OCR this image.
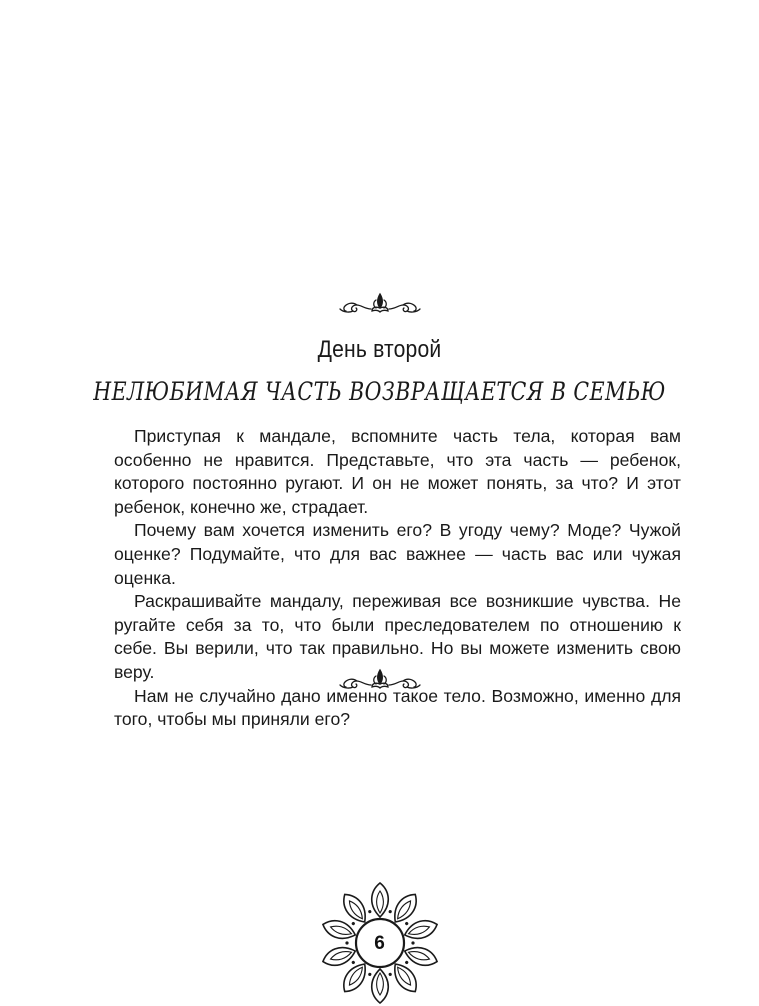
День второй
НЕЛЮБИМАЯ ЧАСТЬ ВОЗВРАЩАЕТСЯ В СЕМЬЮ

Приступая к мандале, вспомните часть тела, которая вам особенно не нравится. Представьте, что эта часть — ребенок, которого постоянно ругают. И он не может понять, за что? И этот ребенок, конечно же, страдает.

Почему вам хочется изменить его? В угоду чему? Моде? Чужой оценке? Подумайте, что для вас важнее — часть вас или чужая оценка.

Раскрашивайте мандалу, переживая все возникшие чувства. Не ругайте себя за то, что были преследователем по отношению к себе. Вы верили, что так правильно. Но вы можете изменить свою веру.

Нам не случайно дано именно такое тело. Возможно, именно для того, чтобы мы приняли его?

6
